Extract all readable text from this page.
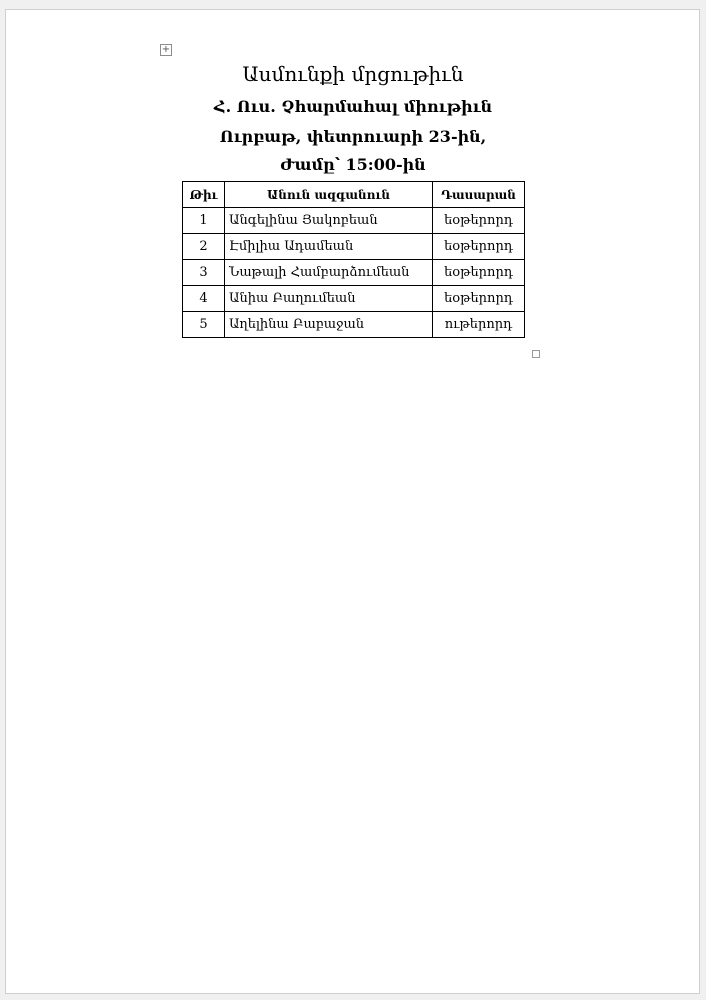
+
Ասմունքի մրցութիւն
Հ. Ուս. Չհարմահալ միութիւն
Ուրբաթ, փետրուարի 23-ին,
Ժամը՝ 15:00-ին
Թիւ	Անուն ազգանուն	Դասարան
1	Անգելինա Յակոբեան	եօթերորդ
2	Էմիլիա Ադամեան	եօթերորդ
3	Նաթալի Համբարձումեան	եօթերորդ
4	Անիա Բաղումեան	եօթերորդ
5	Աղելինա Բաբաջան	ութերորդ
